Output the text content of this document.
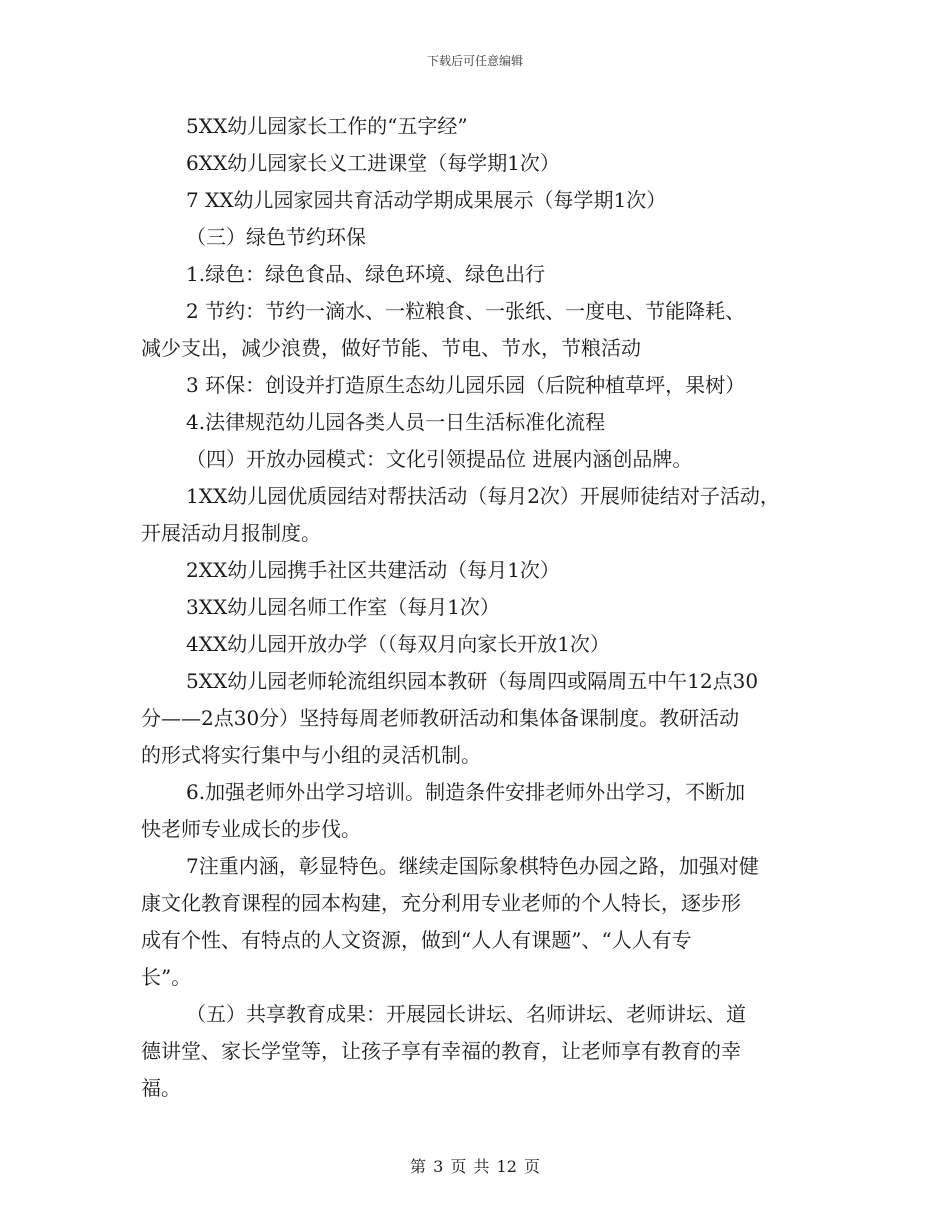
下载后可任意编辑
5XX幼儿园家长工作的“五字经”
6XX幼儿园家长义工进课堂（每学期1次）
7 XX幼儿园家园共育活动学期成果展示（每学期1次）
（三）绿色节约环保
1.绿色：绿色食品、绿色环境、绿色出行
2 节约：节约一滴水、一粒粮食、一张纸、一度电、节能降耗、
减少支出，减少浪费，做好节能、节电、节水，节粮活动
3 环保：创设并打造原生态幼儿园乐园（后院种植草坪，果树）
4.法律规范幼儿园各类人员一日生活标准化流程
（四）开放办园模式：文化引领提品位 进展内涵创品牌。
1XX幼儿园优质园结对帮扶活动（每月2次）开展师徒结对子活动，
开展活动月报制度。
2XX幼儿园携手社区共建活动（每月1次）
3XX幼儿园名师工作室（每月1次）
4XX幼儿园开放办学（（每双月向家长开放1次）
5XX幼儿园老师轮流组织园本教研（每周四或隔周五中午12点30
分——2点30分）坚持每周老师教研活动和集体备课制度。教研活动
的形式将实行集中与小组的灵活机制。
6.加强老师外出学习培训。制造条件安排老师外出学习，不断加
快老师专业成长的步伐。
7注重内涵，彰显特色。继续走国际象棋特色办园之路，加强对健
康文化教育课程的园本构建，充分利用专业老师的个人特长，逐步形
成有个性、有特点的人文资源，做到“人人有课题”、“人人有专
长”。
（五）共享教育成果：开展园长讲坛、名师讲坛、老师讲坛、道
德讲堂、家长学堂等，让孩子享有幸福的教育，让老师享有教育的幸
福。
第 3 页 共 12 页
